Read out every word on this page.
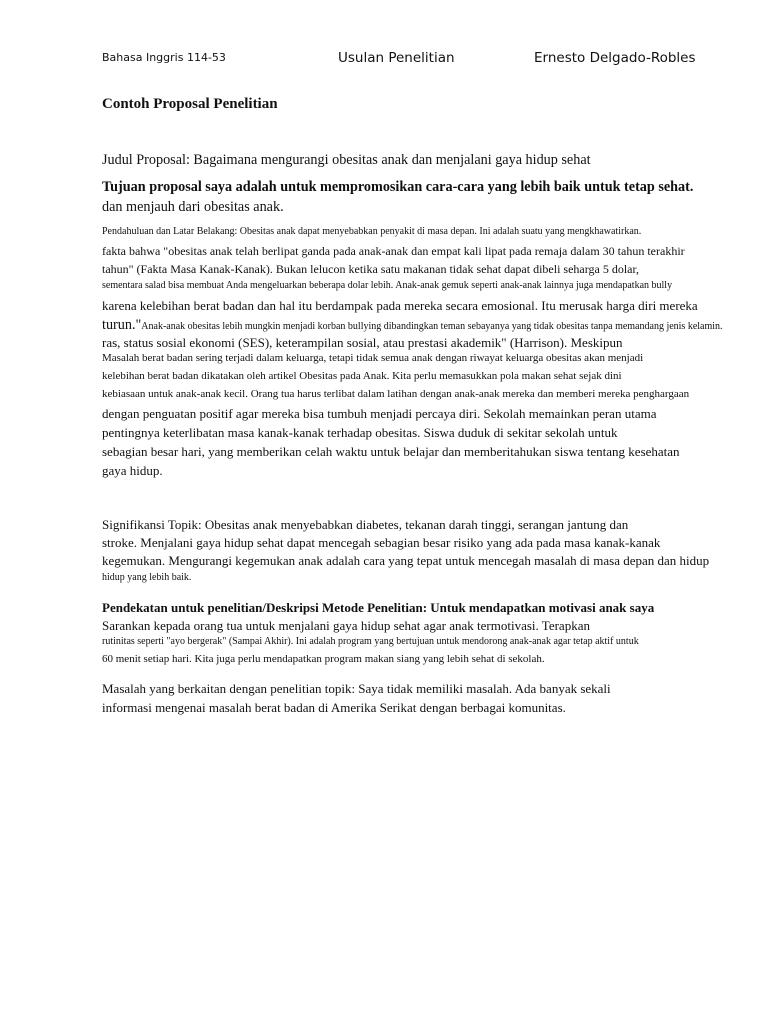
Bahasa Inggris 114-53	Usulan Penelitian	Ernesto Delgado-Robles

Contoh Proposal Penelitian

Judul Proposal: Bagaimana mengurangi obesitas anak dan menjalani gaya hidup sehat

Tujuan proposal saya adalah untuk mempromosikan cara-cara yang lebih baik untuk tetap sehat.

dan menjauh dari obesitas anak.

Pendahuluan dan Latar Belakang: Obesitas anak dapat menyebabkan penyakit di masa depan. Ini adalah suatu yang mengkhawatirkan.

fakta bahwa "obesitas anak telah berlipat ganda pada anak-anak dan empat kali lipat pada remaja dalam 30 tahun terakhir

tahun" (Fakta Masa Kanak-Kanak). Bukan lelucon ketika satu makanan tidak sehat dapat dibeli seharga 5 dolar,

sementara salad bisa membuat Anda mengeluarkan beberapa dolar lebih. Anak-anak gemuk seperti anak-anak lainnya juga mendapatkan bully

karena kelebihan berat badan dan hal itu berdampak pada mereka secara emosional. Itu merusak harga diri mereka

turun."Anak-anak obesitas lebih mungkin menjadi korban bullying dibandingkan teman sebayanya yang tidak obesitas tanpa memandang jenis kelamin.

ras, status sosial ekonomi (SES), keterampilan sosial, atau prestasi akademik" (Harrison). Meskipun

Masalah berat badan sering terjadi dalam keluarga, tetapi tidak semua anak dengan riwayat keluarga obesitas akan menjadi

kelebihan berat badan dikatakan oleh artikel Obesitas pada Anak. Kita perlu memasukkan pola makan sehat sejak dini

kebiasaan untuk anak-anak kecil. Orang tua harus terlibat dalam latihan dengan anak-anak mereka dan memberi mereka penghargaan

dengan penguatan positif agar mereka bisa tumbuh menjadi percaya diri. Sekolah memainkan peran utama

pentingnya keterlibatan masa kanak-kanak terhadap obesitas. Siswa duduk di sekitar sekolah untuk

sebagian besar hari, yang memberikan celah waktu untuk belajar dan memberitahukan siswa tentang kesehatan

gaya hidup.

Signifikansi Topik: Obesitas anak menyebabkan diabetes, tekanan darah tinggi, serangan jantung dan

stroke. Menjalani gaya hidup sehat dapat mencegah sebagian besar risiko yang ada pada masa kanak-kanak

kegemukan. Mengurangi kegemukan anak adalah cara yang tepat untuk mencegah masalah di masa depan dan hidup

hidup yang lebih baik.

Pendekatan untuk penelitian/Deskripsi Metode Penelitian: Untuk mendapatkan motivasi anak saya

Sarankan kepada orang tua untuk menjalani gaya hidup sehat agar anak termotivasi. Terapkan

rutinitas seperti "ayo bergerak" (Sampai Akhir). Ini adalah program yang bertujuan untuk mendorong anak-anak agar tetap aktif untuk

60 menit setiap hari. Kita juga perlu mendapatkan program makan siang yang lebih sehat di sekolah.

Masalah yang berkaitan dengan penelitian topik: Saya tidak memiliki masalah. Ada banyak sekali

informasi mengenai masalah berat badan di Amerika Serikat dengan berbagai komunitas.
